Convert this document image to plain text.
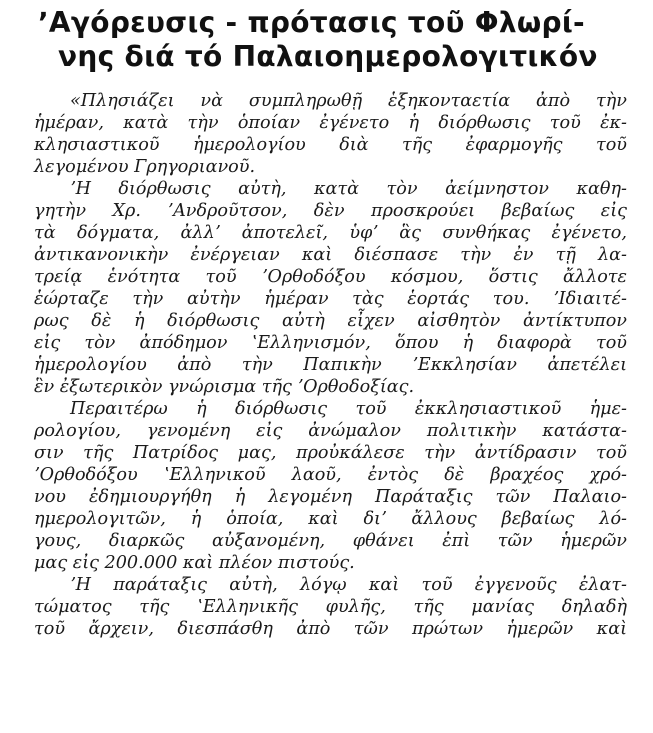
ʼΑγόρευσις - πρότασις τοῦ Φλωρί-
νης διά τό Παλαιοημερολογιτικόν

«Πλησιάζει νὰ συμπληρωθῇ ἑξηκονταετία ἀπὸ τὴν
ἡμέραν, κατὰ τὴν ὁποίαν ἐγένετο ἡ διόρθωσις τοῦ ἐκ-
κλησιαστικοῦ ἡμερολογίου διὰ τῆς ἐφαρμογῆς τοῦ
λεγομένου Γρηγοριανοῦ.

ʼΗ διόρθωσις αὐτὴ, κατὰ τὸν ἀείμνηστον καθη-
γητὴν Χρ. ʼΑνδροῦτσον, δὲν προσκρούει βεβαίως εἰς
τὰ δόγματα, ἀλλʼ ἀποτελεῖ, ὑφʼ ἃς συνθήκας ἐγένετο,
ἀντικανονικὴν ἐνέργειαν καὶ διέσπασε τὴν ἐν τῇ λα-
τρείᾳ ἑνότητα τοῦ ʼΟρθοδόξου κόσμου, ὅστις ἄλλοτε
ἑώρταζε τὴν αὐτὴν ἡμέραν τὰς ἑορτάς του. ʼΙδιαιτέ-
ρως δὲ ἡ διόρθωσις αὐτὴ εἶχεν αἰσθητὸν ἀντίκτυπον
εἰς τὸν ἀπόδημον ʽΕλληνισμόν, ὅπου ἡ διαφορὰ τοῦ
ἡμερολογίου ἀπὸ τὴν Παπικὴν ʼΕκκλησίαν ἀπετέλει
ἓν ἐξωτερικὸν γνώρισμα τῆς ʼΟρθοδοξίας.

Περαιτέρω ἡ διόρθωσις τοῦ ἐκκλησιαστικοῦ ἡμε-
ρολογίου, γενομένη εἰς ἀνώμαλον πολιτικὴν κατάστα-
σιν τῆς Πατρίδος μας, προὐκάλεσε τὴν ἀντίδρασιν τοῦ
ʼΟρθοδόξου ʽΕλληνικοῦ λαοῦ, ἐντὸς δὲ βραχέος χρό-
νου ἐδημιουργήθη ἡ λεγομένη Παράταξις τῶν Παλαιο-
ημερολογιτῶν, ἡ ὁποία, καὶ διʼ ἄλλους βεβαίως λό-
γους, διαρκῶς αὐξανομένη, φθάνει ἐπὶ τῶν ἡμερῶν
μας εἰς 200.000 καὶ πλέον πιστούς.

ʼΗ παράταξις αὐτὴ, λόγῳ καὶ τοῦ ἐγγενοῦς ἐλατ-
τώματος τῆς ʽΕλληνικῆς φυλῆς, τῆς μανίας δηλαδὴ
τοῦ ἄρχειν, διεσπάσθη ἀπὸ τῶν πρώτων ἡμερῶν καὶ
